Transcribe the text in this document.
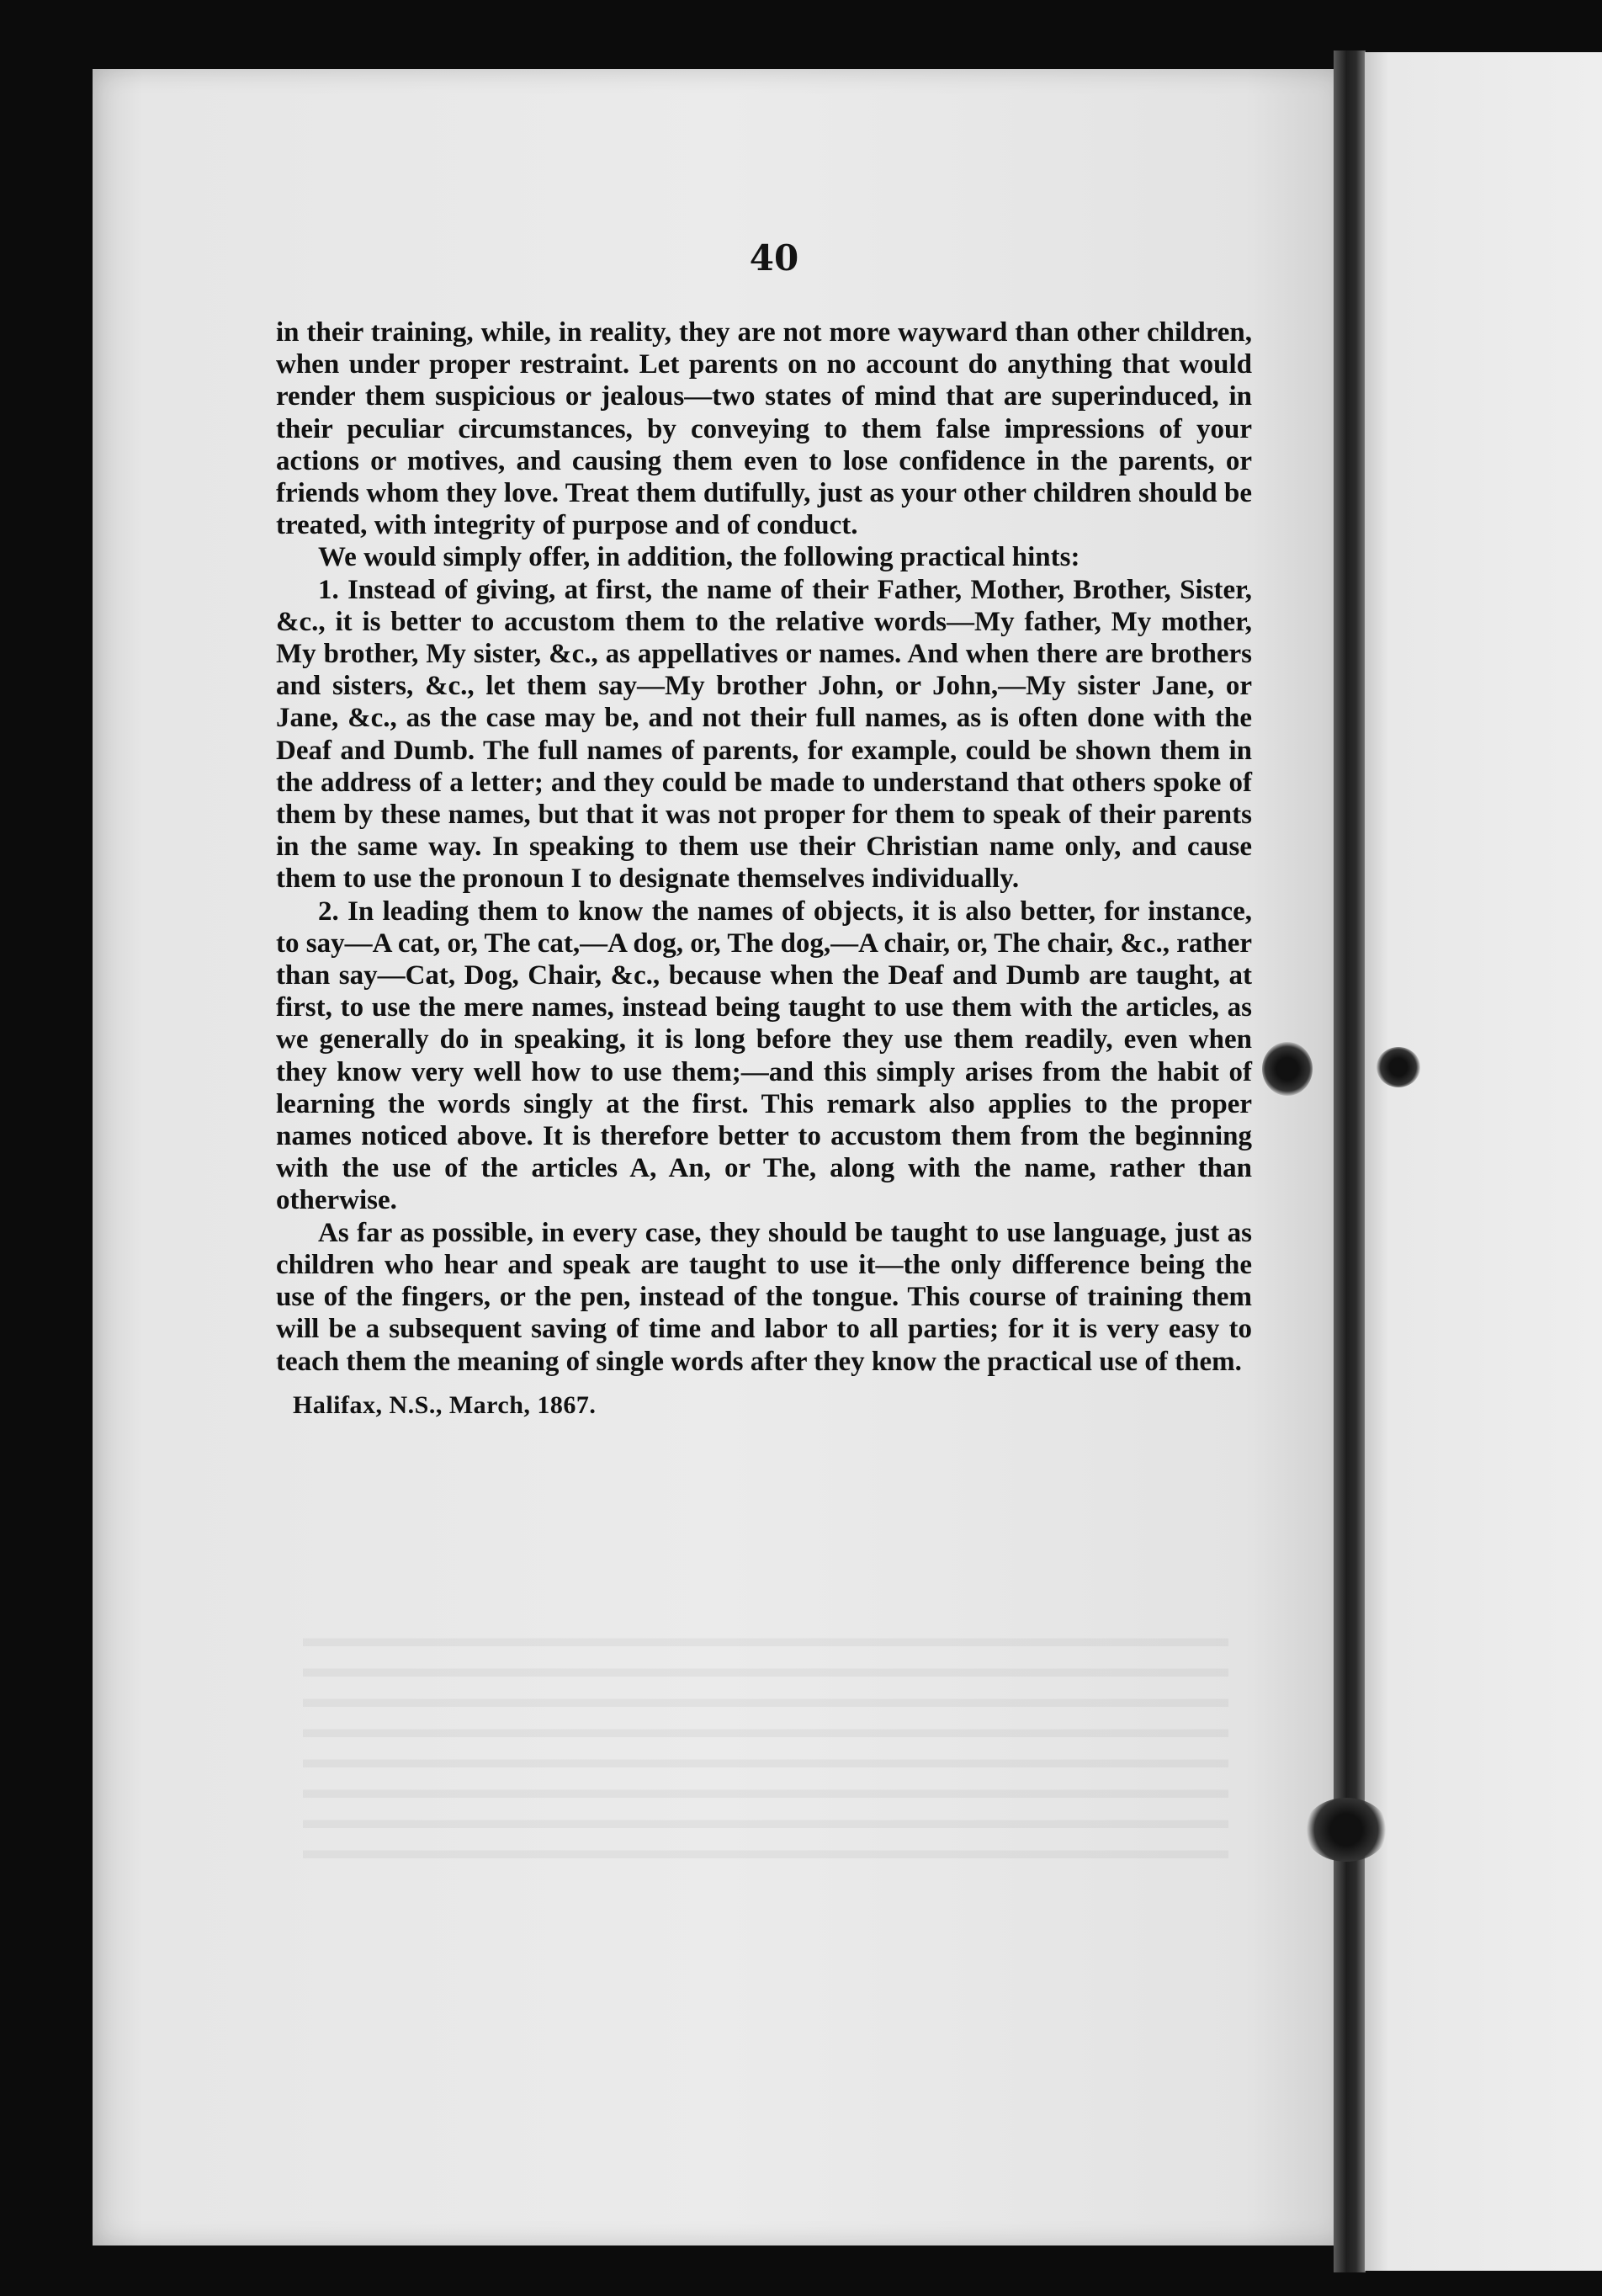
40

in their training, while, in reality, they are not more wayward than other children, when under proper restraint. Let parents on no account do anything that would render them suspicious or jealous—two states of mind that are superinduced, in their peculiar circumstances, by conveying to them false impressions of your actions or motives, and causing them even to lose confidence in the parents, or friends whom they love. Treat them dutifully, just as your other children should be treated, with integrity of purpose and of conduct.

We would simply offer, in addition, the following practical hints:

1. Instead of giving, at first, the name of their Father, Mother, Brother, Sister, &c., it is better to accustom them to the relative words—My father, My mother, My brother, My sister, &c., as appellatives or names. And when there are brothers and sisters, &c., let them say—My brother John, or John,—My sister Jane, or Jane, &c., as the case may be, and not their full names, as is often done with the Deaf and Dumb. The full names of parents, for example, could be shown them in the address of a letter; and they could be made to understand that others spoke of them by these names, but that it was not proper for them to speak of their parents in the same way. In speaking to them use their Christian name only, and cause them to use the pronoun I to designate themselves individually.

2. In leading them to know the names of objects, it is also better, for instance, to say—A cat, or, The cat,—A dog, or, The dog,—A chair, or, The chair, &c., rather than say—Cat, Dog, Chair, &c., because when the Deaf and Dumb are taught, at first, to use the mere names, instead being taught to use them with the articles, as we generally do in speaking, it is long before they use them readily, even when they know very well how to use them;—and this simply arises from the habit of learning the words singly at the first. This remark also applies to the proper names noticed above. It is therefore better to accustom them from the beginning with the use of the articles A, An, or The, along with the name, rather than otherwise.

As far as possible, in every case, they should be taught to use language, just as children who hear and speak are taught to use it—the only difference being the use of the fingers, or the pen, instead of the tongue. This course of training them will be a subsequent saving of time and labor to all parties; for it is very easy to teach them the meaning of single words after they know the practical use of them.

Halifax, N.S., March, 1867.
